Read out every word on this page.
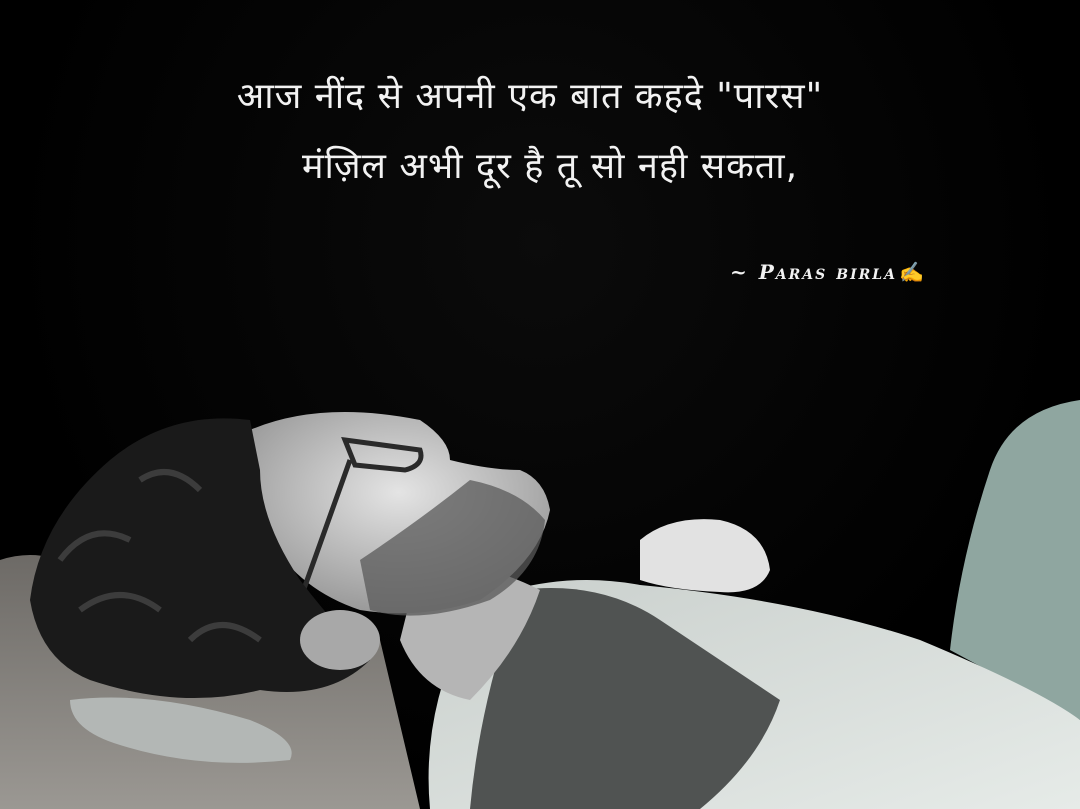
आज नींद से अपनी एक बात कहदे "पारस"
मंज़िल अभी दूर है तू सो नही सकता,
~ Paras birla ✍
